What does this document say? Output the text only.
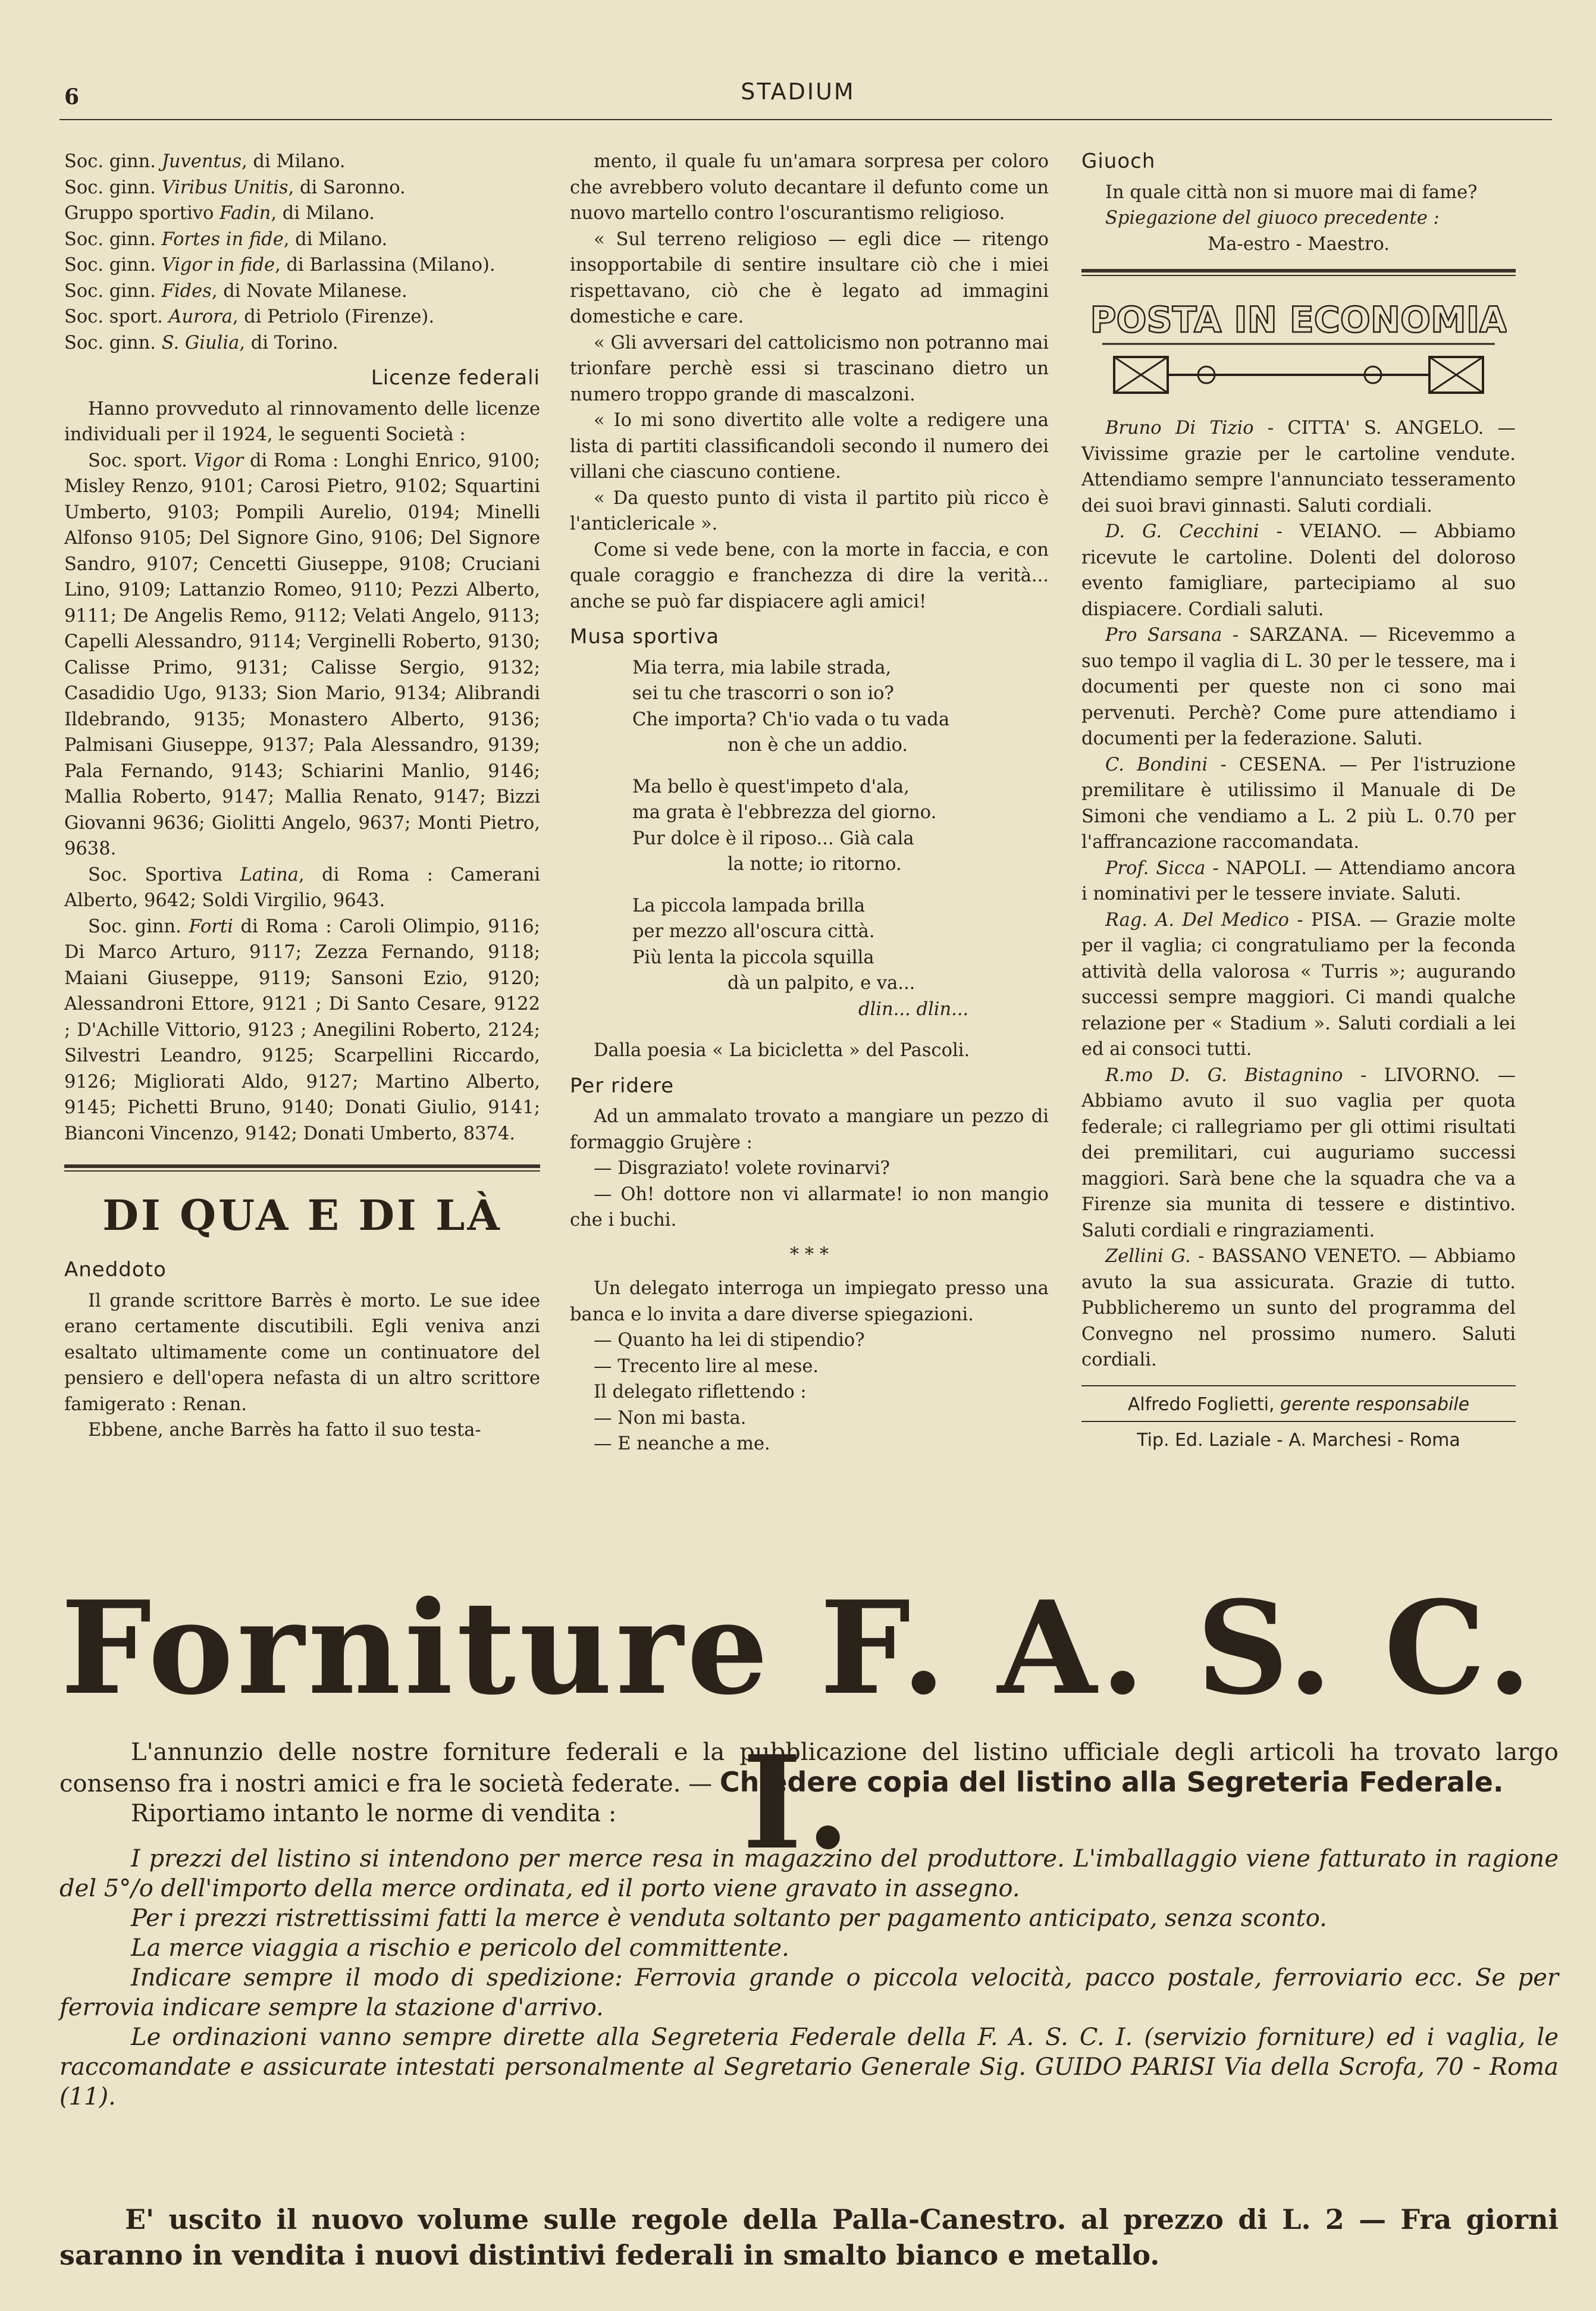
6	STADIUM

Soc. ginn. Juventus, di Milano.

Soc. ginn. Viribus Unitis, di Saronno.

Gruppo sportivo Fadin, di Milano.

Soc. ginn. Fortes in fide, di Milano.

Soc. ginn. Vigor in fide, di Barlassina (Milano).

Soc. ginn. Fides, di Novate Milanese.

Soc. sport. Aurora, di Petriolo (Firenze).

Soc. ginn. S. Giulia, di Torino.

Licenze federali

Hanno provveduto al rinnovamento delle licenze individuali per il 1924, le seguenti Società :

Soc. sport. Vigor di Roma : Longhi Enrico, 9100; Misley Renzo, 9101; Carosi Pietro, 9102; Squartini Umberto, 9103; Pompili Aurelio, 0194; Minelli Alfonso 9105; Del Signore Gino, 9106; Del Signore Sandro, 9107; Cencetti Giuseppe, 9108; Cruciani Lino, 9109; Lattanzio Romeo, 9110; Pezzi Alberto, 9111; De Angelis Remo, 9112; Velati Angelo, 9113; Capelli Alessandro, 9114; Verginelli Roberto, 9130; Calisse Primo, 9131; Calisse Sergio, 9132; Casadidio Ugo, 9133; Sion Mario, 9134; Alibrandi Ildebrando, 9135; Monastero Alberto, 9136; Palmisani Giuseppe, 9137; Pala Alessandro, 9139; Pala Fernando, 9143; Schiarini Manlio, 9146; Mallia Roberto, 9147; Mallia Renato, 9147; Bizzi Giovanni 9636; Giolitti Angelo, 9637; Monti Pietro, 9638.

Soc. Sportiva Latina, di Roma : Camerani Alberto, 9642; Soldi Virgilio, 9643.

Soc. ginn. Forti di Roma : Caroli Olimpio, 9116; Di Marco Arturo, 9117; Zezza Fernando, 9118; Maiani Giuseppe, 9119; Sansoni Ezio, 9120; Alessandroni Ettore, 9121 ; Di Santo Cesare, 9122 ; D'Achille Vittorio, 9123 ; Anegilini Roberto, 2124; Silvestri Leandro, 9125; Scarpellini Riccardo, 9126; Migliorati Aldo, 9127; Martino Alberto, 9145; Pichetti Bruno, 9140; Donati Giulio, 9141; Bianconi Vincenzo, 9142; Donati Umberto, 8374.

DI QUA E DI LÀ
Aneddoto

Il grande scrittore Barrès è morto. Le sue idee erano certamente discutibili. Egli veniva anzi esaltato ultimamente come un continuatore del pensiero e dell'opera nefasta di un altro scrittore famigerato : Renan.

Ebbene, anche Barrès ha fatto il suo testa-

mento, il quale fu un'amara sorpresa per coloro che avrebbero voluto decantare il defunto come un nuovo martello contro l'oscurantismo religioso.

« Sul terreno religioso — egli dice — ritengo insopportabile di sentire insultare ciò che i miei rispettavano, ciò che è legato ad immagini domestiche e care.

« Gli avversari del cattolicismo non potranno mai trionfare perchè essi si trascinano dietro un numero troppo grande di mascalzoni.

« Io mi sono divertito alle volte a redigere una lista di partiti classificandoli secondo il numero dei villani che ciascuno contiene.

« Da questo punto di vista il partito più ricco è l'anticlericale ».

Come si vede bene, con la morte in faccia, e con quale coraggio e franchezza di dire la verità... anche se può far dispiacere agli amici!

Musa sportiva
Mia terra, mia labile strada,
sei tu che trascorri o son io?
Che importa? Ch'io vada o tu vada
non è che un addio.
Ma bello è quest'impeto d'ala,
ma grata è l'ebbrezza del giorno.
Pur dolce è il riposo... Già cala
la notte; io ritorno.
La piccola lampada brilla
per mezzo all'oscura città.
Più lenta la piccola squilla
dà un palpito, e va...
dlin... dlin...

Dalla poesia « La bicicletta » del Pascoli.

Per ridere

Ad un ammalato trovato a mangiare un pezzo di formaggio Grujère :

— Disgraziato! volete rovinarvi?

— Oh! dottore non vi allarmate! io non mangio che i buchi.

* * *

Un delegato interroga un impiegato presso una banca e lo invita a dare diverse spiegazioni.

— Quanto ha lei di stipendio?

— Trecento lire al mese.

Il delegato riflettendo :

— Non mi basta.

— E neanche a me.

Giuoch

In quale città non si muore mai di fame?

Spiegazione del giuoco precedente :

Ma-estro - Maestro.

POSTA IN ECONOMIA

Bruno Di Tizio - CITTA' S. ANGELO. — Vivissime grazie per le cartoline vendute. Attendiamo sempre l'annunciato tesseramento dei suoi bravi ginnasti. Saluti cordiali.

D. G. Cecchini - VEIANO. — Abbiamo ricevute le cartoline. Dolenti del doloroso evento famigliare, partecipiamo al suo dispiacere. Cordiali saluti.

Pro Sarsana - SARZANA. — Ricevemmo a suo tempo il vaglia di L. 30 per le tessere, ma i documenti per queste non ci sono mai pervenuti. Perchè? Come pure attendiamo i documenti per la federazione. Saluti.

C. Bondini - CESENA. — Per l'istruzione premilitare è utilissimo il Manuale di De Simoni che vendiamo a L. 2 più L. 0.70 per l'affrancazione raccomandata.

Prof. Sicca - NAPOLI. — Attendiamo ancora i nominativi per le tessere inviate. Saluti.

Rag. A. Del Medico - PISA. — Grazie molte per il vaglia; ci congratuliamo per la feconda attività della valorosa « Turris »; augurando successi sempre maggiori. Ci mandi qualche relazione per « Stadium ». Saluti cordiali a lei ed ai consoci tutti.

R.mo D. G. Bistagnino - LIVORNO. — Abbiamo avuto il suo vaglia per quota federale; ci rallegriamo per gli ottimi risultati dei premilitari, cui auguriamo successi maggiori. Sarà bene che la squadra che va a Firenze sia munita di tessere e distintivo. Saluti cordiali e ringraziamenti.

Zellini G. - BASSANO VENETO. — Abbiamo avuto la sua assicurata. Grazie di tutto. Pubblicheremo un sunto del programma del Convegno nel prossimo numero. Saluti cordiali.

Alfredo Foglietti, gerente responsabile
Tip. Ed. Laziale - A. Marchesi - Roma
Forniture F. A. S. C. I.

L'annunzio delle nostre forniture federali e la pubblicazione del listino ufficiale degli articoli ha trovato largo consenso fra i nostri amici e fra le società federate. — Chiedere copia del listino alla Segreteria Federale.

Riportiamo intanto le norme di vendita :

I prezzi del listino si intendono per merce resa in magazzino del produttore. L'imballaggio viene fatturato in ragione del 5°/o dell'importo della merce ordinata, ed il porto viene gravato in assegno.

Per i prezzi ristrettissimi fatti la merce è venduta soltanto per pagamento anticipato, senza sconto.

La merce viaggia a rischio e pericolo del committente.

Indicare sempre il modo di spedizione: Ferrovia grande o piccola velocità, pacco postale, ferroviario ecc. Se per ferrovia indicare sempre la stazione d'arrivo.

Le ordinazioni vanno sempre dirette alla Segreteria Federale della F. A. S. C. I. (servizio forniture) ed i vaglia, le raccomandate e assicurate intestati personalmente al Segretario Generale Sig. GUIDO PARISI Via della Scrofa, 70 - Roma (11).

E' uscito il nuovo volume sulle regole della Palla-Canestro. al prezzo di L. 2 — Fra giorni saranno in vendita i nuovi distintivi federali in smalto bianco e metallo.
